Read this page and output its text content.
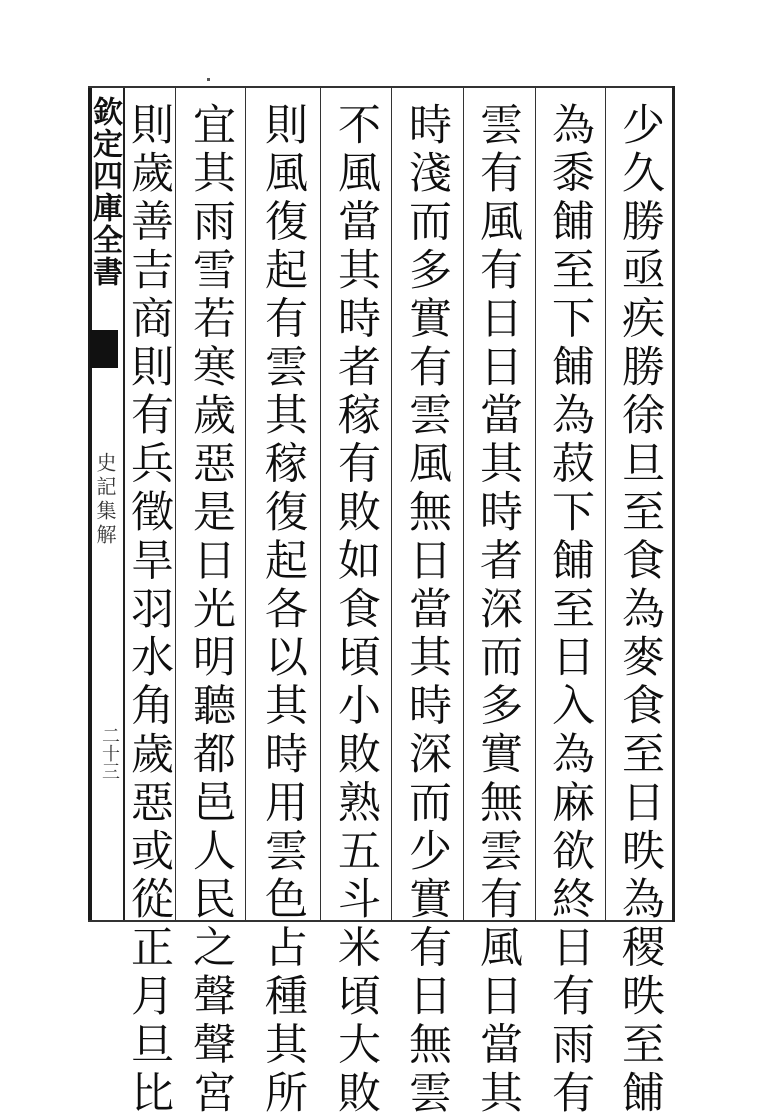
欽定四庫全書
史記集解
二十三	少久勝亟疾勝徐旦至食為麥食至日昳為稷昳至餔
為黍餔至下餔為菽下餔至日入為麻欲終日有雨有
雲有風有日日當其時者深而多實無雲有風日當其
時淺而多實有雲風無日當其時深而少實有日無雲
不風當其時者稼有敗如食頃小敗熟五斗米頃大敗
則風復起有雲其稼復起各以其時用雲色占種其所
宜其雨雪若寒歲惡是日光明聽都邑人民之聲聲宮
則歲善吉商則有兵徵旱羽水角歲惡或從正月旦比
